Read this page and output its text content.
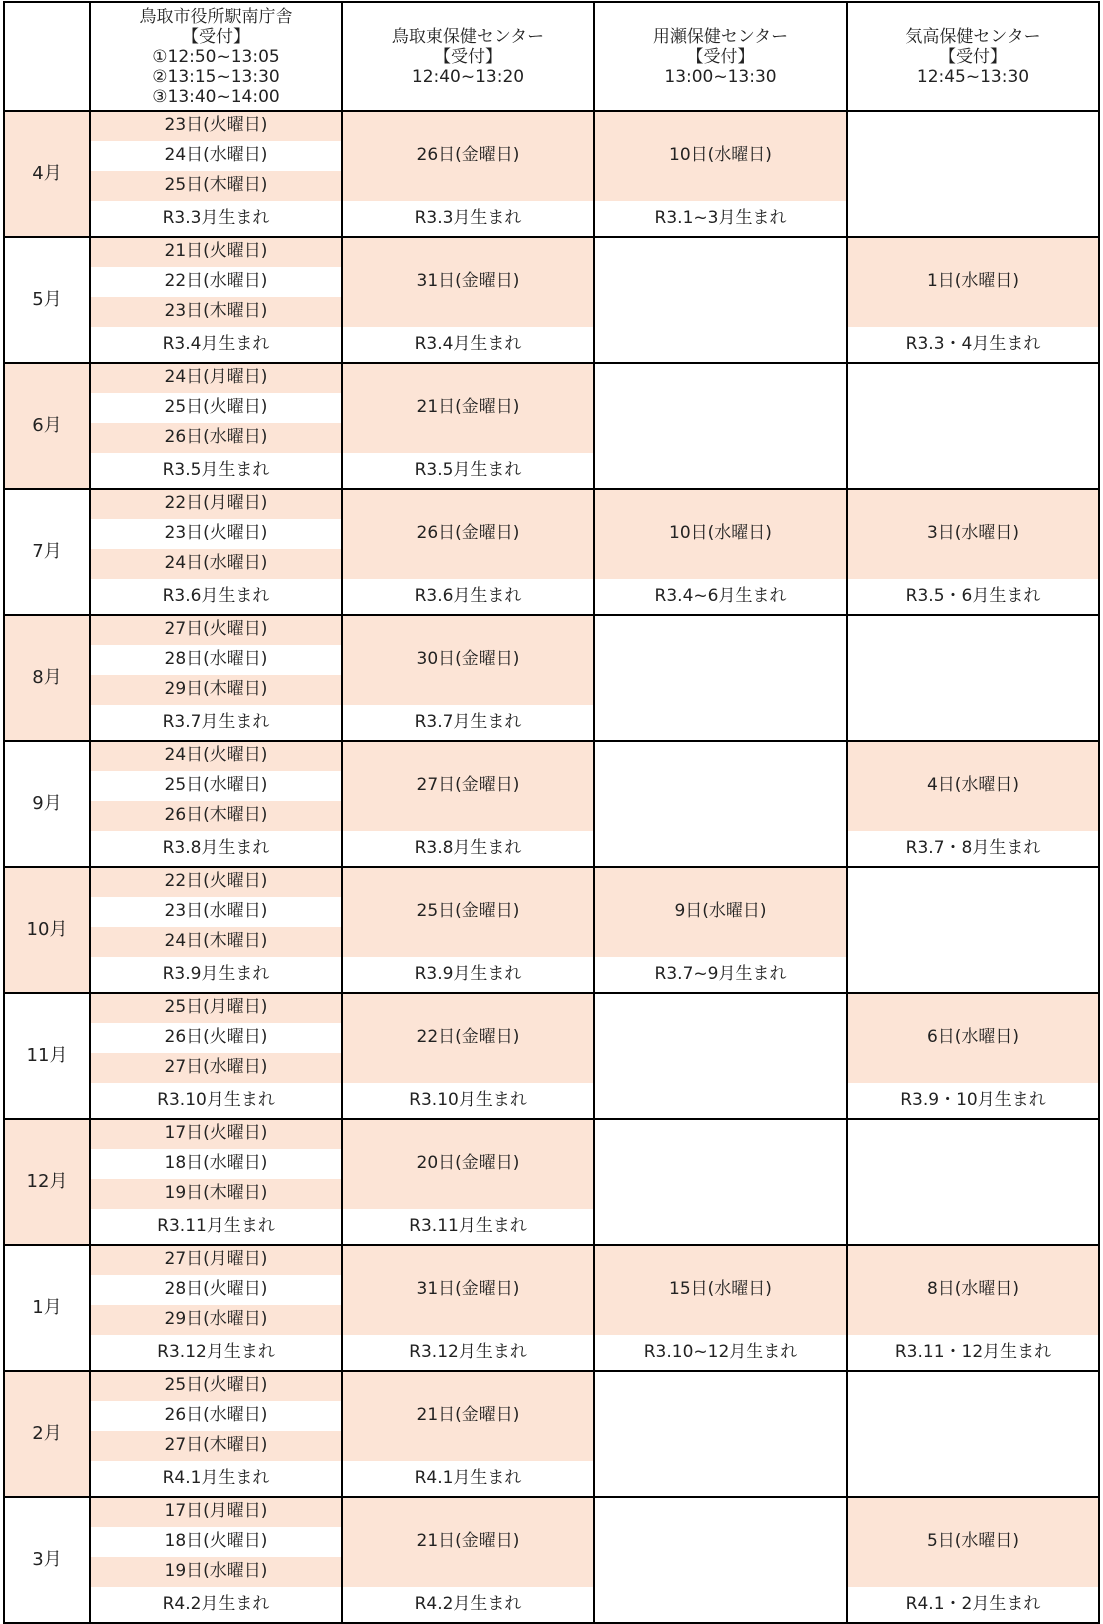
鳥取市役所駅南庁舎
【受付】
①12:50~13:05
②13:15~13:30
③13:40~14:00
鳥取東保健センター
【受付】
12:40~13:20
用瀬保健センター
【受付】
13:00~13:30
気高保健センター
【受付】
12:45~13:30
4月
23日(火曜日)
24日(水曜日)
25日(木曜日)
R3.3月生まれ
26日(金曜日)
R3.3月生まれ
10日(水曜日)
R3.1~3月生まれ
5月
21日(火曜日)
22日(水曜日)
23日(木曜日)
R3.4月生まれ
31日(金曜日)
R3.4月生まれ
1日(水曜日)
R3.3・4月生まれ
6月
24日(月曜日)
25日(火曜日)
26日(水曜日)
R3.5月生まれ
21日(金曜日)
R3.5月生まれ
7月
22日(月曜日)
23日(火曜日)
24日(水曜日)
R3.6月生まれ
26日(金曜日)
R3.6月生まれ
10日(水曜日)
R3.4~6月生まれ
3日(水曜日)
R3.5・6月生まれ
8月
27日(火曜日)
28日(水曜日)
29日(木曜日)
R3.7月生まれ
30日(金曜日)
R3.7月生まれ
9月
24日(火曜日)
25日(水曜日)
26日(木曜日)
R3.8月生まれ
27日(金曜日)
R3.8月生まれ
4日(水曜日)
R3.7・8月生まれ
10月
22日(火曜日)
23日(水曜日)
24日(木曜日)
R3.9月生まれ
25日(金曜日)
R3.9月生まれ
9日(水曜日)
R3.7~9月生まれ
11月
25日(月曜日)
26日(火曜日)
27日(水曜日)
R3.10月生まれ
22日(金曜日)
R3.10月生まれ
6日(水曜日)
R3.9・10月生まれ
12月
17日(火曜日)
18日(水曜日)
19日(木曜日)
R3.11月生まれ
20日(金曜日)
R3.11月生まれ
1月
27日(月曜日)
28日(火曜日)
29日(水曜日)
R3.12月生まれ
31日(金曜日)
R3.12月生まれ
15日(水曜日)
R3.10~12月生まれ
8日(水曜日)
R3.11・12月生まれ
2月
25日(火曜日)
26日(水曜日)
27日(木曜日)
R4.1月生まれ
21日(金曜日)
R4.1月生まれ
3月
17日(月曜日)
18日(火曜日)
19日(水曜日)
R4.2月生まれ
21日(金曜日)
R4.2月生まれ
5日(水曜日)
R4.1・2月生まれ
